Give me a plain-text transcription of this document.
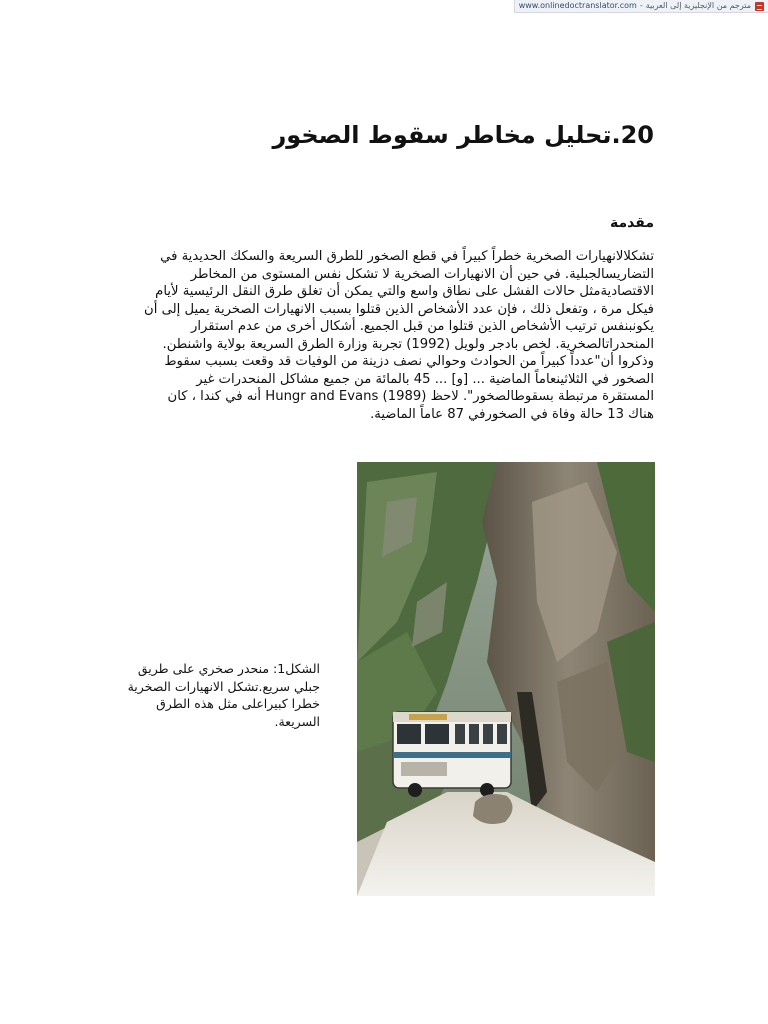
www.onlinedoctranslator.com - مترجم من الإنجليزية إلى العربية
20.تحليل مخاطر سقوط الصخور
مقدمة

تشكلالانهيارات الصخرية خطراً كبيراً في قطع الصخور للطرق السريعة والسكك الحديدية في التضاريسالجبلية. في حين أن الانهيارات الصخرية لا تشكل نفس المستوى من المخاطر الاقتصاديةمثل حالات الفشل على نطاق واسع والتي يمكن أن تغلق طرق النقل الرئيسية لأيام فيكل مرة ، وتفعل ذلك ، فإن عدد الأشخاص الذين قتلوا بسبب الانهيارات الصخرية يميل إلى أن يكونبنفس ترتيب الأشخاص الذين قتلوا من قبل الجميع. أشكال أخرى من عدم استقرار المنحدراتالصخرية. لخص بادجر ولويل (1992) تجربة وزارة الطرق السريعة بولاية واشنطن. وذكروا أن"عدداً كبيراً من الحوادث وحوالي نصف دزينة من الوفيات قد وقعت بسبب سقوط الصخور في الثلاثينعاماً الماضية ... [و] ... 45 بالمائة من جميع مشاكل المنحدرات غير المستقرة مرتبطة بسقوطالصخور". لاحظ Hungr and Evans (1989) أنه في كندا ، كان هناك 13 حالة وفاة في الصخورفي 87 عاماً الماضية.

الشكل1: منحدر صخري على طريق جبلي سريع.تشكل الانهيارات الصخرية خطرا كبيراعلى مثل هذه الطرق السريعة.
